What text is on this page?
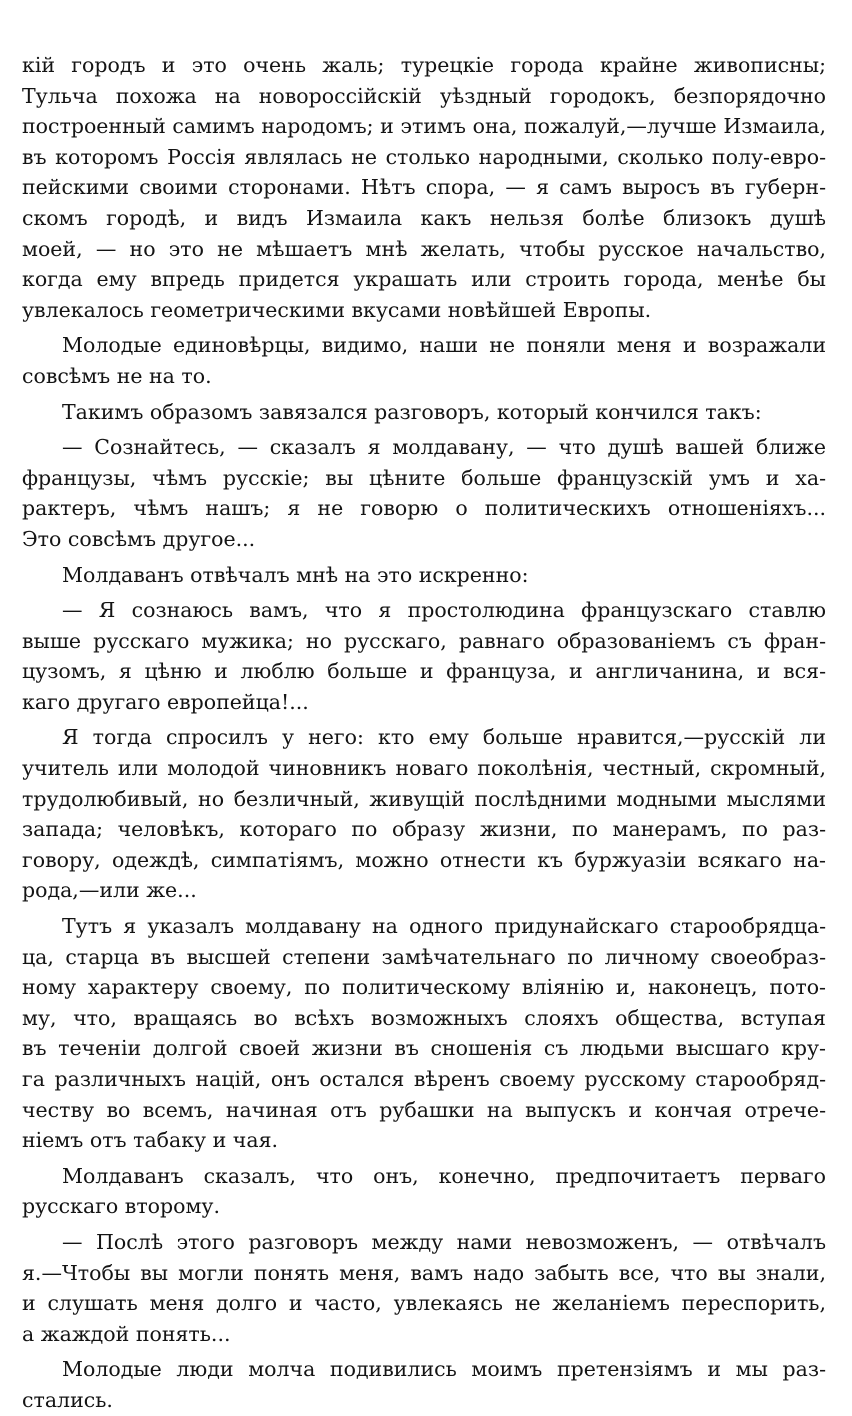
кій городъ и это очень жаль; турецкіе города крайне живописны;
Тульча похожа на новороссійскій уѣздный городокъ, безпорядочно
построенный самимъ народомъ; и этимъ она, пожалуй,—лучше Измаила,
въ которомъ Россія являлась не столько народными, сколько полу-евро-
пейскими своими сторонами. Нѣтъ спора, — я самъ выросъ въ губерн-
скомъ городѣ, и видъ Измаила какъ нельзя болѣе близокъ душѣ
моей, — но это не мѣшаетъ мнѣ желать, чтобы русское начальство,
когда ему впредь придется украшать или строить города, менѣе бы
увлекалось геометрическими вкусами новѣйшей Европы.
Молодые единовѣрцы, видимо, наши не поняли меня и возражали
совсѣмъ не на то.
Такимъ образомъ завязался разговоръ, который кончился такъ:
— Сознайтесь, — сказалъ я молдавану, — что душѣ вашей ближе
французы, чѣмъ русскіе; вы цѣните больше французскій умъ и ха-
рактеръ, чѣмъ нашъ; я не говорю о политическихъ отношеніяхъ...
Это совсѣмъ другое...
Молдаванъ отвѣчалъ мнѣ на это искренно:
— Я сознаюсь вамъ, что я простолюдина французскаго ставлю
выше русскаго мужика; но русскаго, равнаго образованіемъ съ фран-
цузомъ, я цѣню и люблю больше и француза, и англичанина, и вся-
каго другаго европейца!...
Я тогда спросилъ у него: кто ему больше нравится,—русскій ли
учитель или молодой чиновникъ новаго поколѣнія, честный, скромный,
трудолюбивый, но безличный, живущій послѣдними модными мыслями
запада; человѣкъ, котораго по образу жизни, по манерамъ, по раз-
говору, одеждѣ, симпатіямъ, можно отнести къ буржуазіи всякаго на-
рода,—или же...
Тутъ я указалъ молдавану на одного придунайскаго старообрядца-
ца, старца въ высшей степени замѣчательнаго по личному своеобраз-
ному характеру своему, по политическому вліянію и, наконецъ, пото-
му, что, вращаясь во всѣхъ возможныхъ слояхъ общества, вступая
въ теченіи долгой своей жизни въ сношенія съ людьми высшаго кру-
га различныхъ націй, онъ остался вѣренъ своему русскому старообряд-
честву во всемъ, начиная отъ рубашки на выпускъ и кончая отрече-
ніемъ отъ табаку и чая.
Молдаванъ сказалъ, что онъ, конечно, предпочитаетъ перваго
русскаго второму.
— Послѣ этого разговоръ между нами невозможенъ, — отвѣчалъ
я.—Чтобы вы могли понять меня, вамъ надо забыть все, что вы знали,
и слушать меня долго и часто, увлекаясь не желаніемъ переспорить,
а жаждой понять...
Молодые люди молча подивились моимъ претензіямъ и мы раз-
стались.
